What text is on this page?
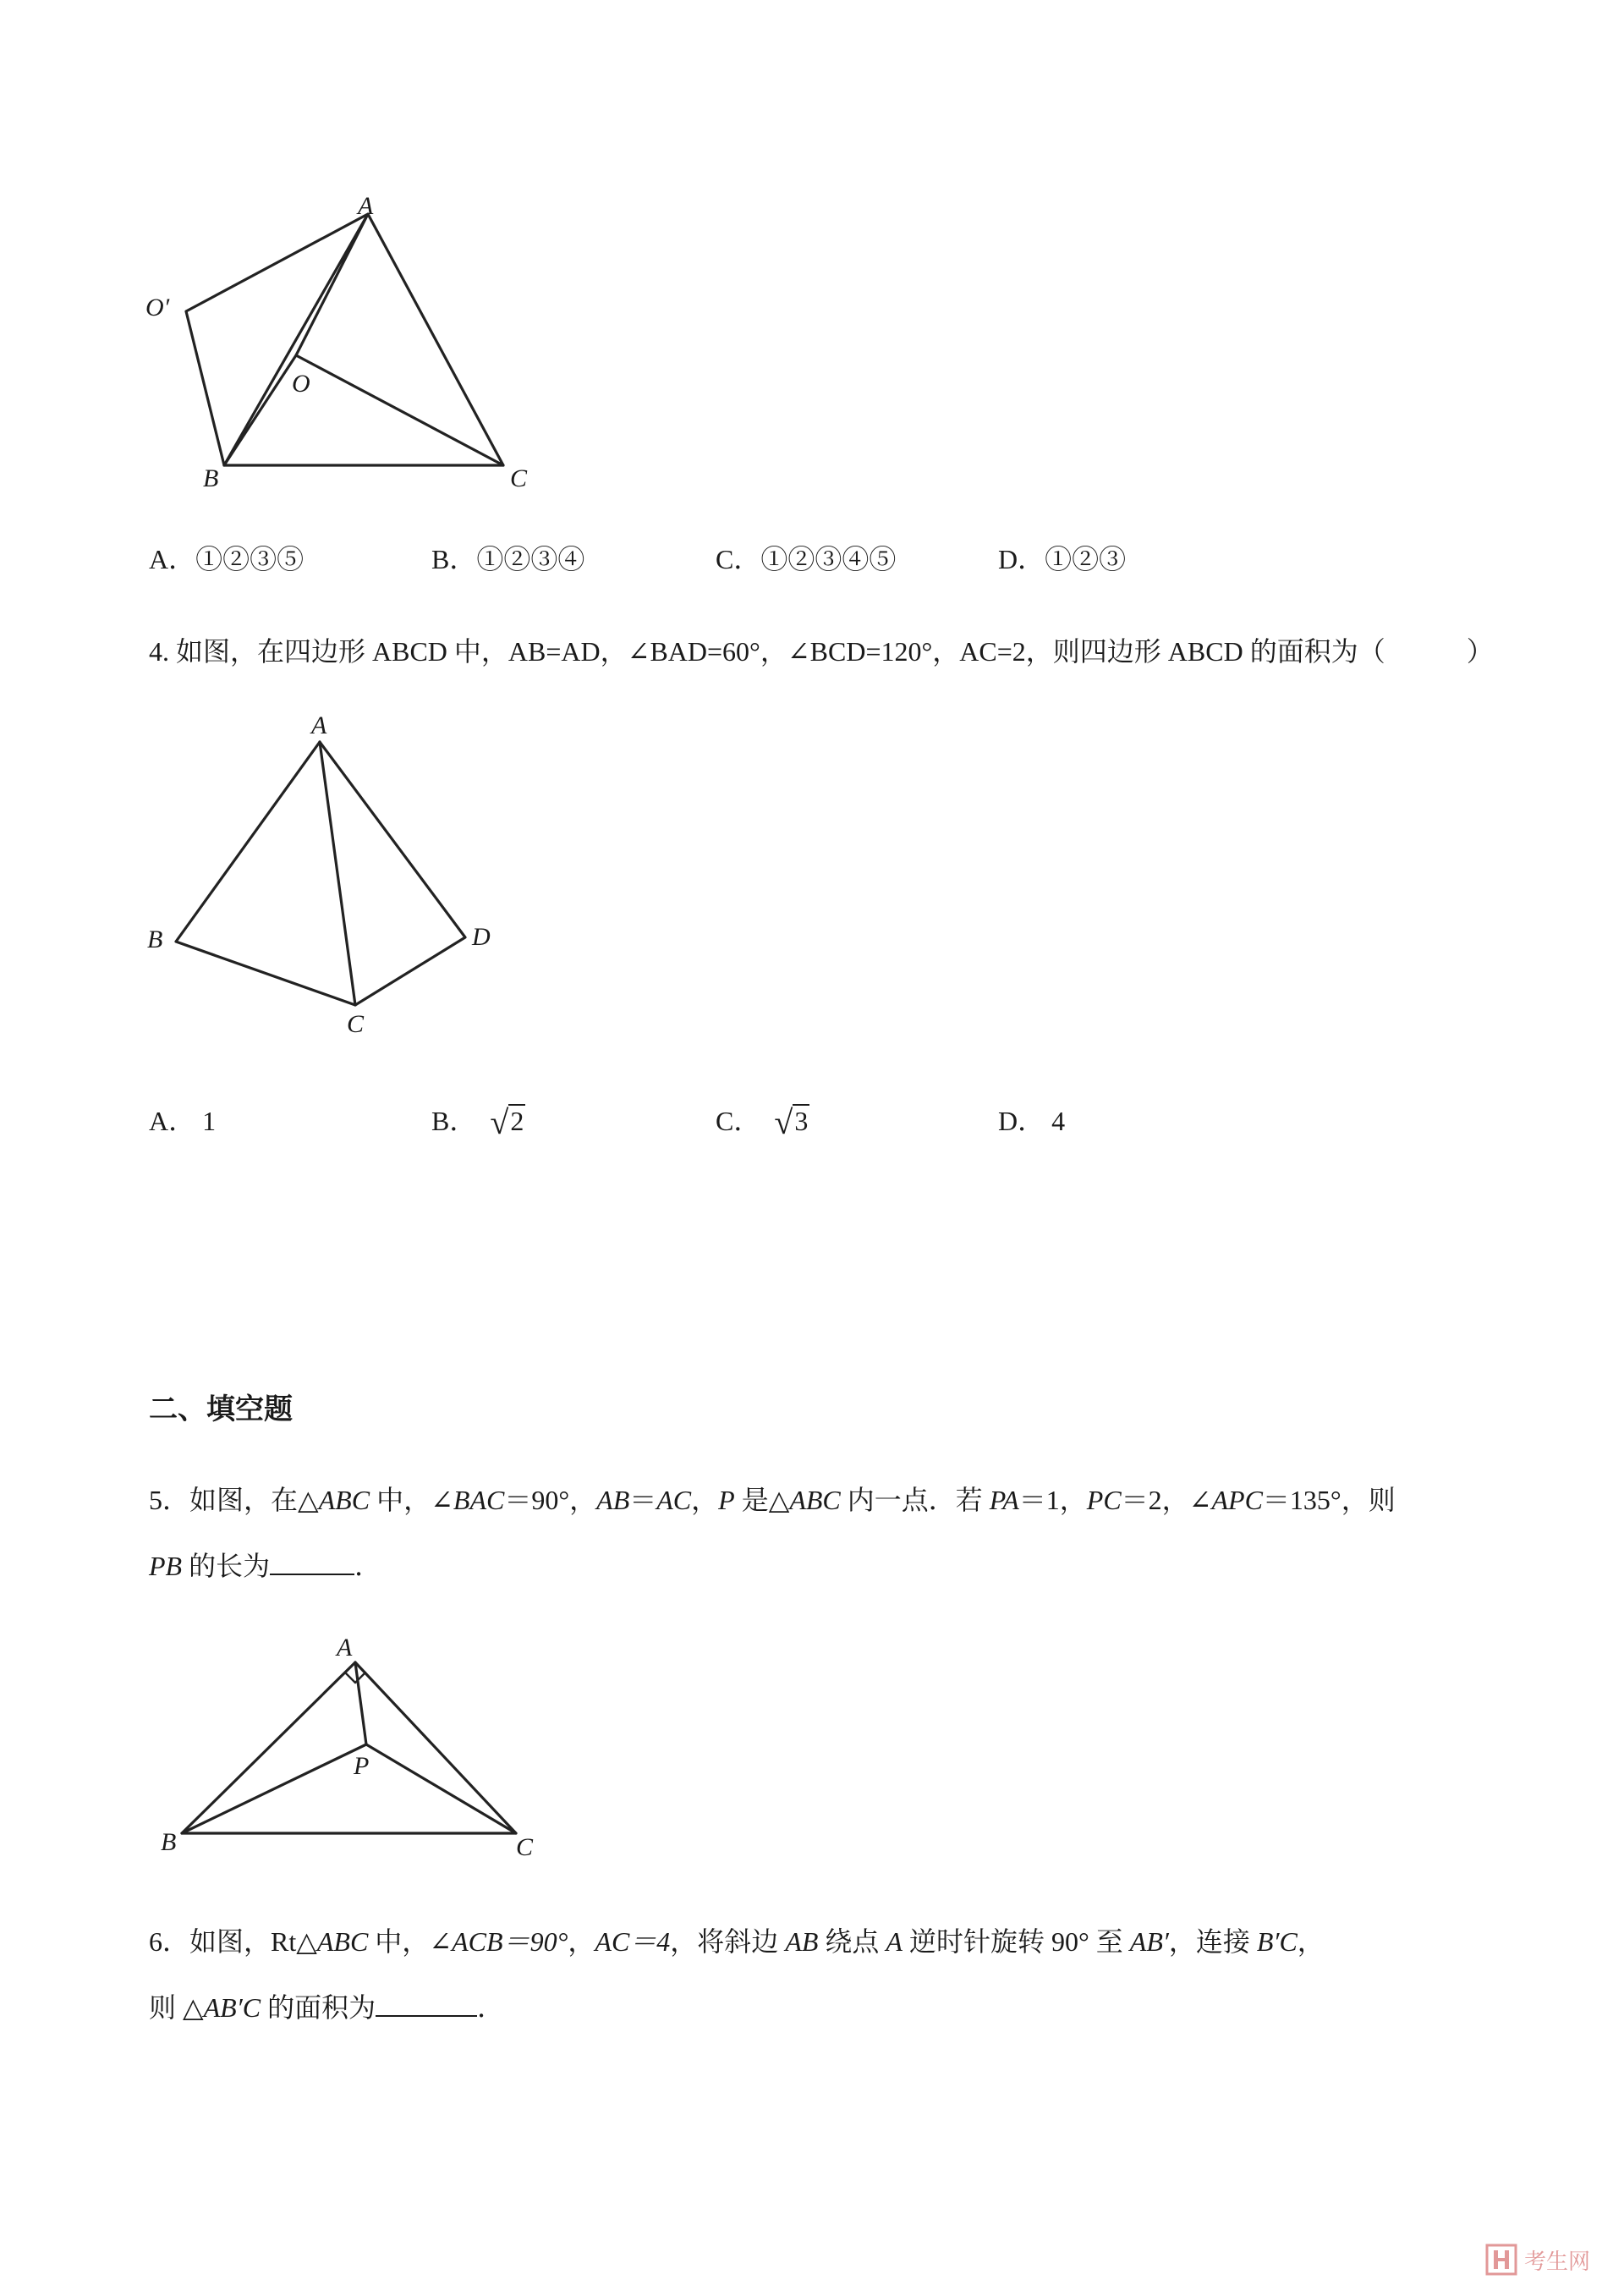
A
O′
O
B	C
A．①②③⑤	B．①②③④	C．①②③④⑤	D．①②③
4. 如图，在四边形 ABCD 中，AB=AD，∠BAD=60°，∠BCD=120°，AC=2，则四边形 ABCD 的面积为（　　　）
A
B
C
D
A． 1	B． √ 2	C． √ 3	D． 4
二、填空题
5．如图，在△ABC 中，∠BAC＝90°，AB＝AC，P 是△ABC 内一点．若 PA＝1，PC＝2，∠APC＝135°，则
PB 的长为	．
A
P
B	C
6．如图，Rt△ABC 中，∠ACB＝90°，AC＝4，将斜边 AB 绕点 A 逆时针旋转 90° 至 AB′，连接 B′C，
则 △AB′C 的面积为	．
考生网
